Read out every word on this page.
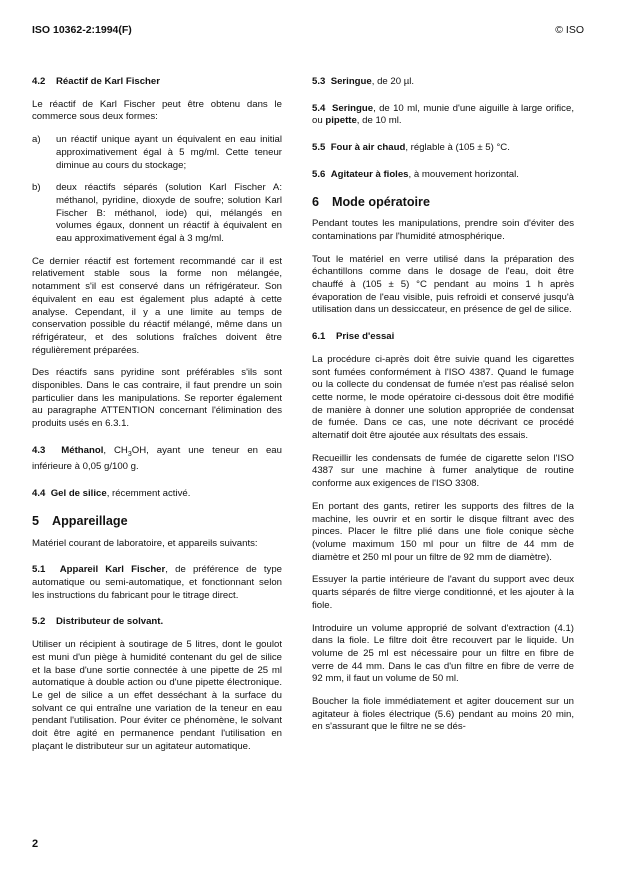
ISO 10362-2:1994(F)	© ISO
4.2 Réactif de Karl Fischer

Le réactif de Karl Fischer peut être obtenu dans le commerce sous deux formes:

a)	un réactif unique ayant un équivalent en eau initial approximativement égal à 5 mg/ml. Cette teneur diminue au cours du stockage;
b)	deux réactifs séparés (solution Karl Fischer A: méthanol, pyridine, dioxyde de soufre; solution Karl Fischer B: méthanol, iode) qui, mélangés en volumes égaux, donnent un réactif à équivalent en eau approximativement égal à 3 mg/ml.

Ce dernier réactif est fortement recommandé car il est relativement stable sous la forme non mélangée, notamment s'il est conservé dans un réfrigérateur. Son équivalent en eau est également plus adapté à cette analyse. Cependant, il y a une limite au temps de conservation possible du réactif mélangé, même dans un réfrigérateur, et des solutions fraîches doivent être régulièrement préparées.

Des réactifs sans pyridine sont préférables s'ils sont disponibles. Dans le cas contraire, il faut prendre un soin particulier dans les manipulations. Se reporter également au paragraphe ATTENTION concernant l'élimination des produits usés en 6.3.1.

4.3 Méthanol, $CH_3OH$, ayant une teneur en eau inférieure à 0,05 g/100 g.

4.4 Gel de silice, récemment activé.

5 Appareillage

Matériel courant de laboratoire, et appareils suivants:

5.1 Appareil Karl Fischer, de préférence de type automatique ou semi-automatique, et fonctionnant selon les instructions du fabricant pour le titrage direct.

5.2 Distributeur de solvant.

Utiliser un récipient à soutirage de 5 litres, dont le goulot est muni d'un piège à humidité contenant du gel de silice et la base d'une sortie connectée à une pipette de 25 ml automatique à double action ou d'une pipette électronique. Le gel de silice a un effet desséchant à la surface du solvant ce qui entraîne une variation de la teneur en eau pendant l'utilisation. Pour éviter ce phénomène, le solvant doit être agité en permanence pendant l'utilisation en plaçant le distributeur sur un agitateur automatique.

5.3 Seringue, de 20 µl.

5.4 Seringue, de 10 ml, munie d'une aiguille à large orifice, ou pipette, de 10 ml.

5.5 Four à air chaud, réglable à (105 ± 5) °C.

5.6 Agitateur à fioles, à mouvement horizontal.

6 Mode opératoire

Pendant toutes les manipulations, prendre soin d'éviter des contaminations par l'humidité atmosphérique.

Tout le matériel en verre utilisé dans la préparation des échantillons comme dans le dosage de l'eau, doit être chauffé à (105 ± 5) °C pendant au moins 1 h après évaporation de l'eau visible, puis refroidi et conservé jusqu'à utilisation dans un dessiccateur, en présence de gel de silice.

6.1 Prise d'essai

La procédure ci-après doit être suivie quand les cigarettes sont fumées conformément à l'ISO 4387. Quand le fumage ou la collecte du condensat de fumée n'est pas réalisé selon cette norme, le mode opératoire ci-dessous doit être modifié de manière à donner une solution appropriée de condensat de fumée. Dans ce cas, une note décrivant ce procédé alternatif doit être ajoutée aux résultats des essais.

Recueillir les condensats de fumée de cigarette selon l'ISO 4387 sur une machine à fumer analytique de routine conforme aux exigences de l'ISO 3308.

En portant des gants, retirer les supports des filtres de la machine, les ouvrir et en sortir le disque filtrant avec des pinces. Placer le filtre plié dans une fiole conique sèche (volume maximum 150 ml pour un filtre de 44 mm de diamètre et 250 ml pour un filtre de 92 mm de diamètre).

Essuyer la partie intérieure de l'avant du support avec deux quarts séparés de filtre vierge conditionné, et les ajouter à la fiole.

Introduire un volume approprié de solvant d'extraction (4.1) dans la fiole. Le filtre doit être recouvert par le liquide. Un volume de 25 ml est nécessaire pour un filtre en fibre de verre de 44 mm. Dans le cas d'un filtre en fibre de verre de 92 mm, il faut un volume de 50 ml.

Boucher la fiole immédiatement et agiter doucement sur un agitateur à fioles électrique (5.6) pendant au moins 20 min, en s'assurant que le filtre ne se dés-

2
